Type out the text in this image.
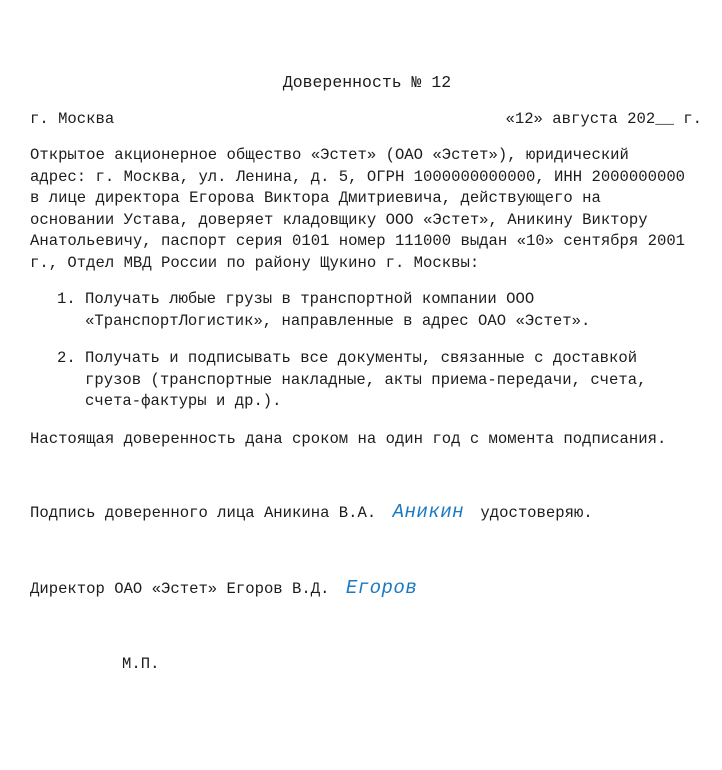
Доверенность № 12
г. Москва	«12» августа 202__ г.
Открытое акционерное общество «Эстет» (ОАО «Эстет»), юридический
адрес: г. Москва, ул. Ленина, д. 5, ОГРН 1000000000000, ИНН 2000000000
в лице директора Егорова Виктора Дмитриевича, действующего на
основании Устава, доверяет кладовщику ООО «Эстет», Аникину Виктору
Анатольевичу, паспорт серия 0101 номер 111000 выдан «10» сентября 2001
г., Отдел МВД России по району Щукино г. Москвы:
1. Получать любые грузы в транспортной компании ООО
«ТранспортЛогистик», направленные в адрес ОАО «Эстет».
2. Получать и подписывать все документы, связанные с доставкой
грузов (транспортные накладные, акты приема-передачи, счета,
счета-фактуры и др.).
Настоящая доверенность дана сроком на один год с момента подписания.
Подпись доверенного лица Аникина В.А. Аникин удостоверяю.
Директор ОАО «Эстет» Егоров В.Д. Егоров
М.П.
